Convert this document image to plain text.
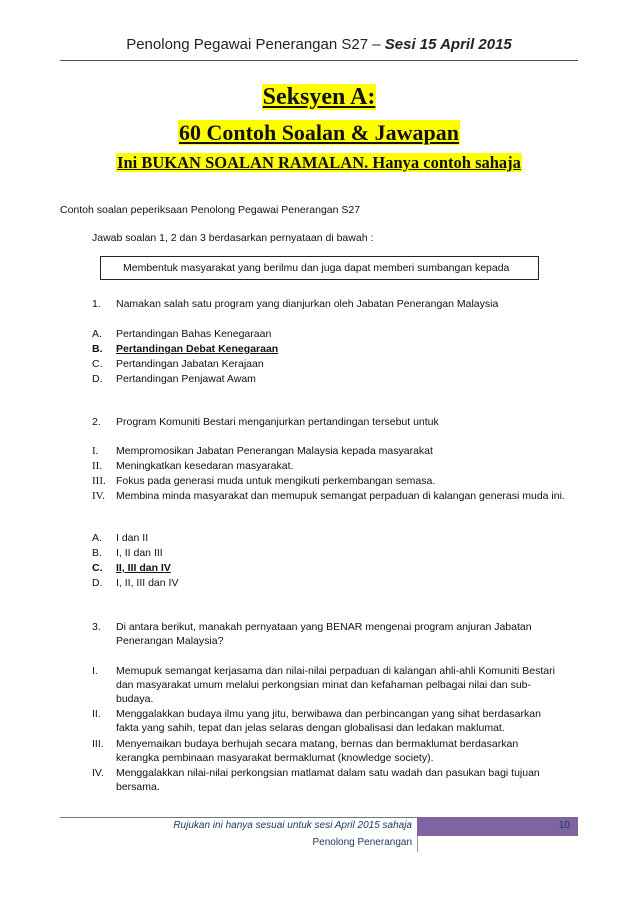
Penolong Pegawai Penerangan S27 – Sesi 15 April 2015
Seksyen A:
60 Contoh Soalan & Jawapan
Ini BUKAN SOALAN RAMALAN. Hanya contoh sahaja
Contoh soalan peperiksaan Penolong Pegawai Penerangan S27
Jawab soalan 1, 2 dan 3 berdasarkan pernyataan di bawah :
Membentuk masyarakat yang berilmu dan juga dapat memberi sumbangan kepada
1. Namakan salah satu program yang dianjurkan oleh Jabatan Penerangan Malaysia
A. Pertandingan Bahas Kenegaraan
B. Pertandingan Debat Kenegaraan
C. Pertandingan Jabatan Kerajaan
D. Pertandingan Penjawat Awam
2. Program Komuniti Bestari menganjurkan pertandingan tersebut untuk
I. Mempromosikan Jabatan Penerangan Malaysia kepada masyarakat
II. Meningkatkan kesedaran masyarakat.
III. Fokus pada generasi muda untuk mengikuti perkembangan semasa.
IV. Membina minda masyarakat dan memupuk semangat perpaduan di kalangan generasi muda ini.
A. I dan II
B. I, II dan III
C. II, III dan IV
D. I, II, III dan IV
3. Di antara berikut, manakah pernyataan yang BENAR mengenai program anjuran Jabatan Penerangan Malaysia?
I. Memupuk semangat kerjasama dan nilai-nilai perpaduan di kalangan ahli-ahli Komuniti Bestari dan masyarakat umum melalui perkongsian minat dan kefahaman pelbagai nilai dan sub-budaya.
II. Menggalakkan budaya ilmu yang jitu, berwibawa dan perbincangan yang sihat berdasarkan fakta yang sahih, tepat dan jelas selaras dengan globalisasi dan ledakan maklumat.
III. Menyemaikan budaya berhujah secara matang, bernas dan bermaklumat berdasarkan kerangka pembinaan masyarakat bermaklumat (knowledge society).
IV. Menggalakkan nilai-nilai perkongsian matlamat dalam satu wadah dan pasukan bagi tujuan bersama.
Rujukan ini hanya sesuai untuk sesi April 2015 sahaja
Penolong Penerangan
10
